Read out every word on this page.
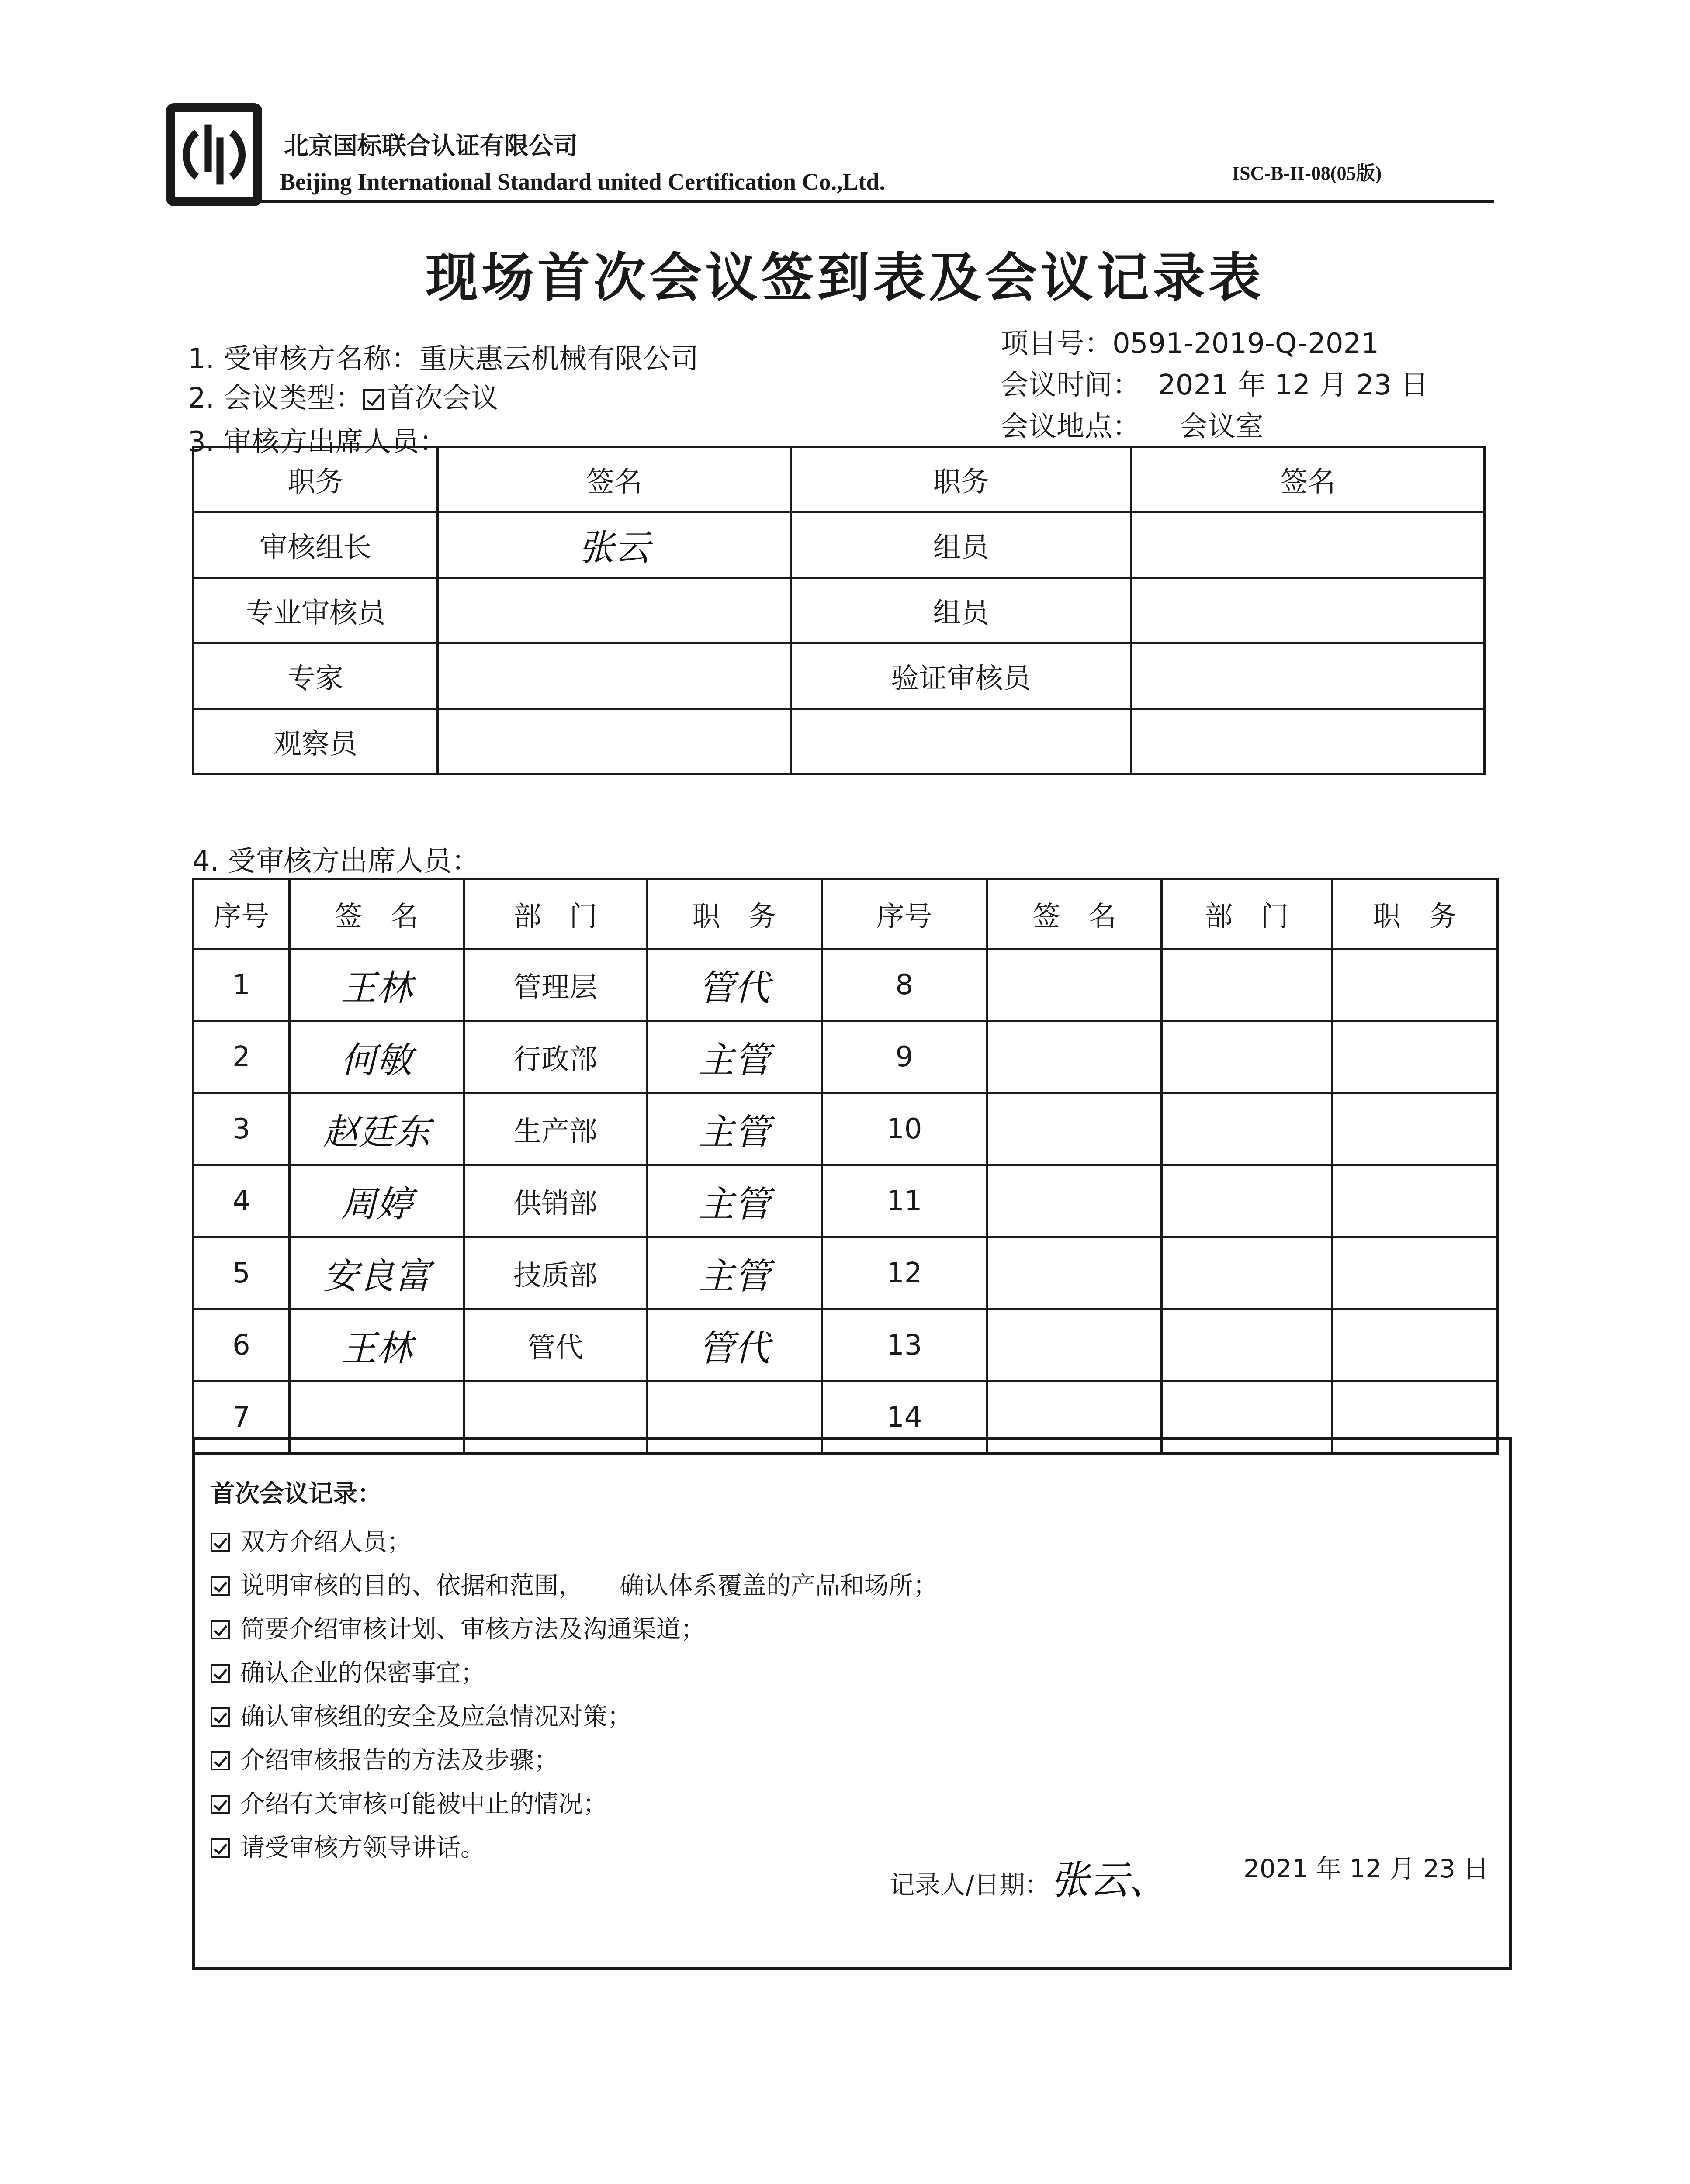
北京国标联合认证有限公司
Beijing International Standard united Certification Co.,Ltd.	ISC-B-II-08(05版)
现场首次会议签到表及会议记录表
1. 受审核方名称：重庆惠云机械有限公司
2. 会议类型： 首次会议
3. 审核方出席人员：
项目号：0591-2019-Q-2021
会议时间： 2021 年 12 月 23 日
会议地点： 会议室
职务	签名	职务	签名
审核组长	张云	组员	
专业审核员		组员	
专家		验证审核员	
观察员			
4. 受审核方出席人员：
序号	签　名	部　门	职　务	序号	签　名	部　门	职　务
1	王林	管理层	管代	8			
2	何敏	行政部	主管	9			
3	赵廷东	生产部	主管	10			
4	周婷	供销部	主管	11			
5	安良富	技质部	主管	12			
6	王林	管代	管代	13			
7				14			
首次会议记录：
双方介绍人员；
说明审核的目的、依据和范围，　　确认体系覆盖的产品和场所；
简要介绍审核计划、审核方法及沟通渠道；
确认企业的保密事宜；
确认审核组的安全及应急情况对策；
介绍审核报告的方法及步骤；
介绍有关审核可能被中止的情况；
请受审核方领导讲话。
记录人/日期：张云、	2021 年 12 月 23 日
